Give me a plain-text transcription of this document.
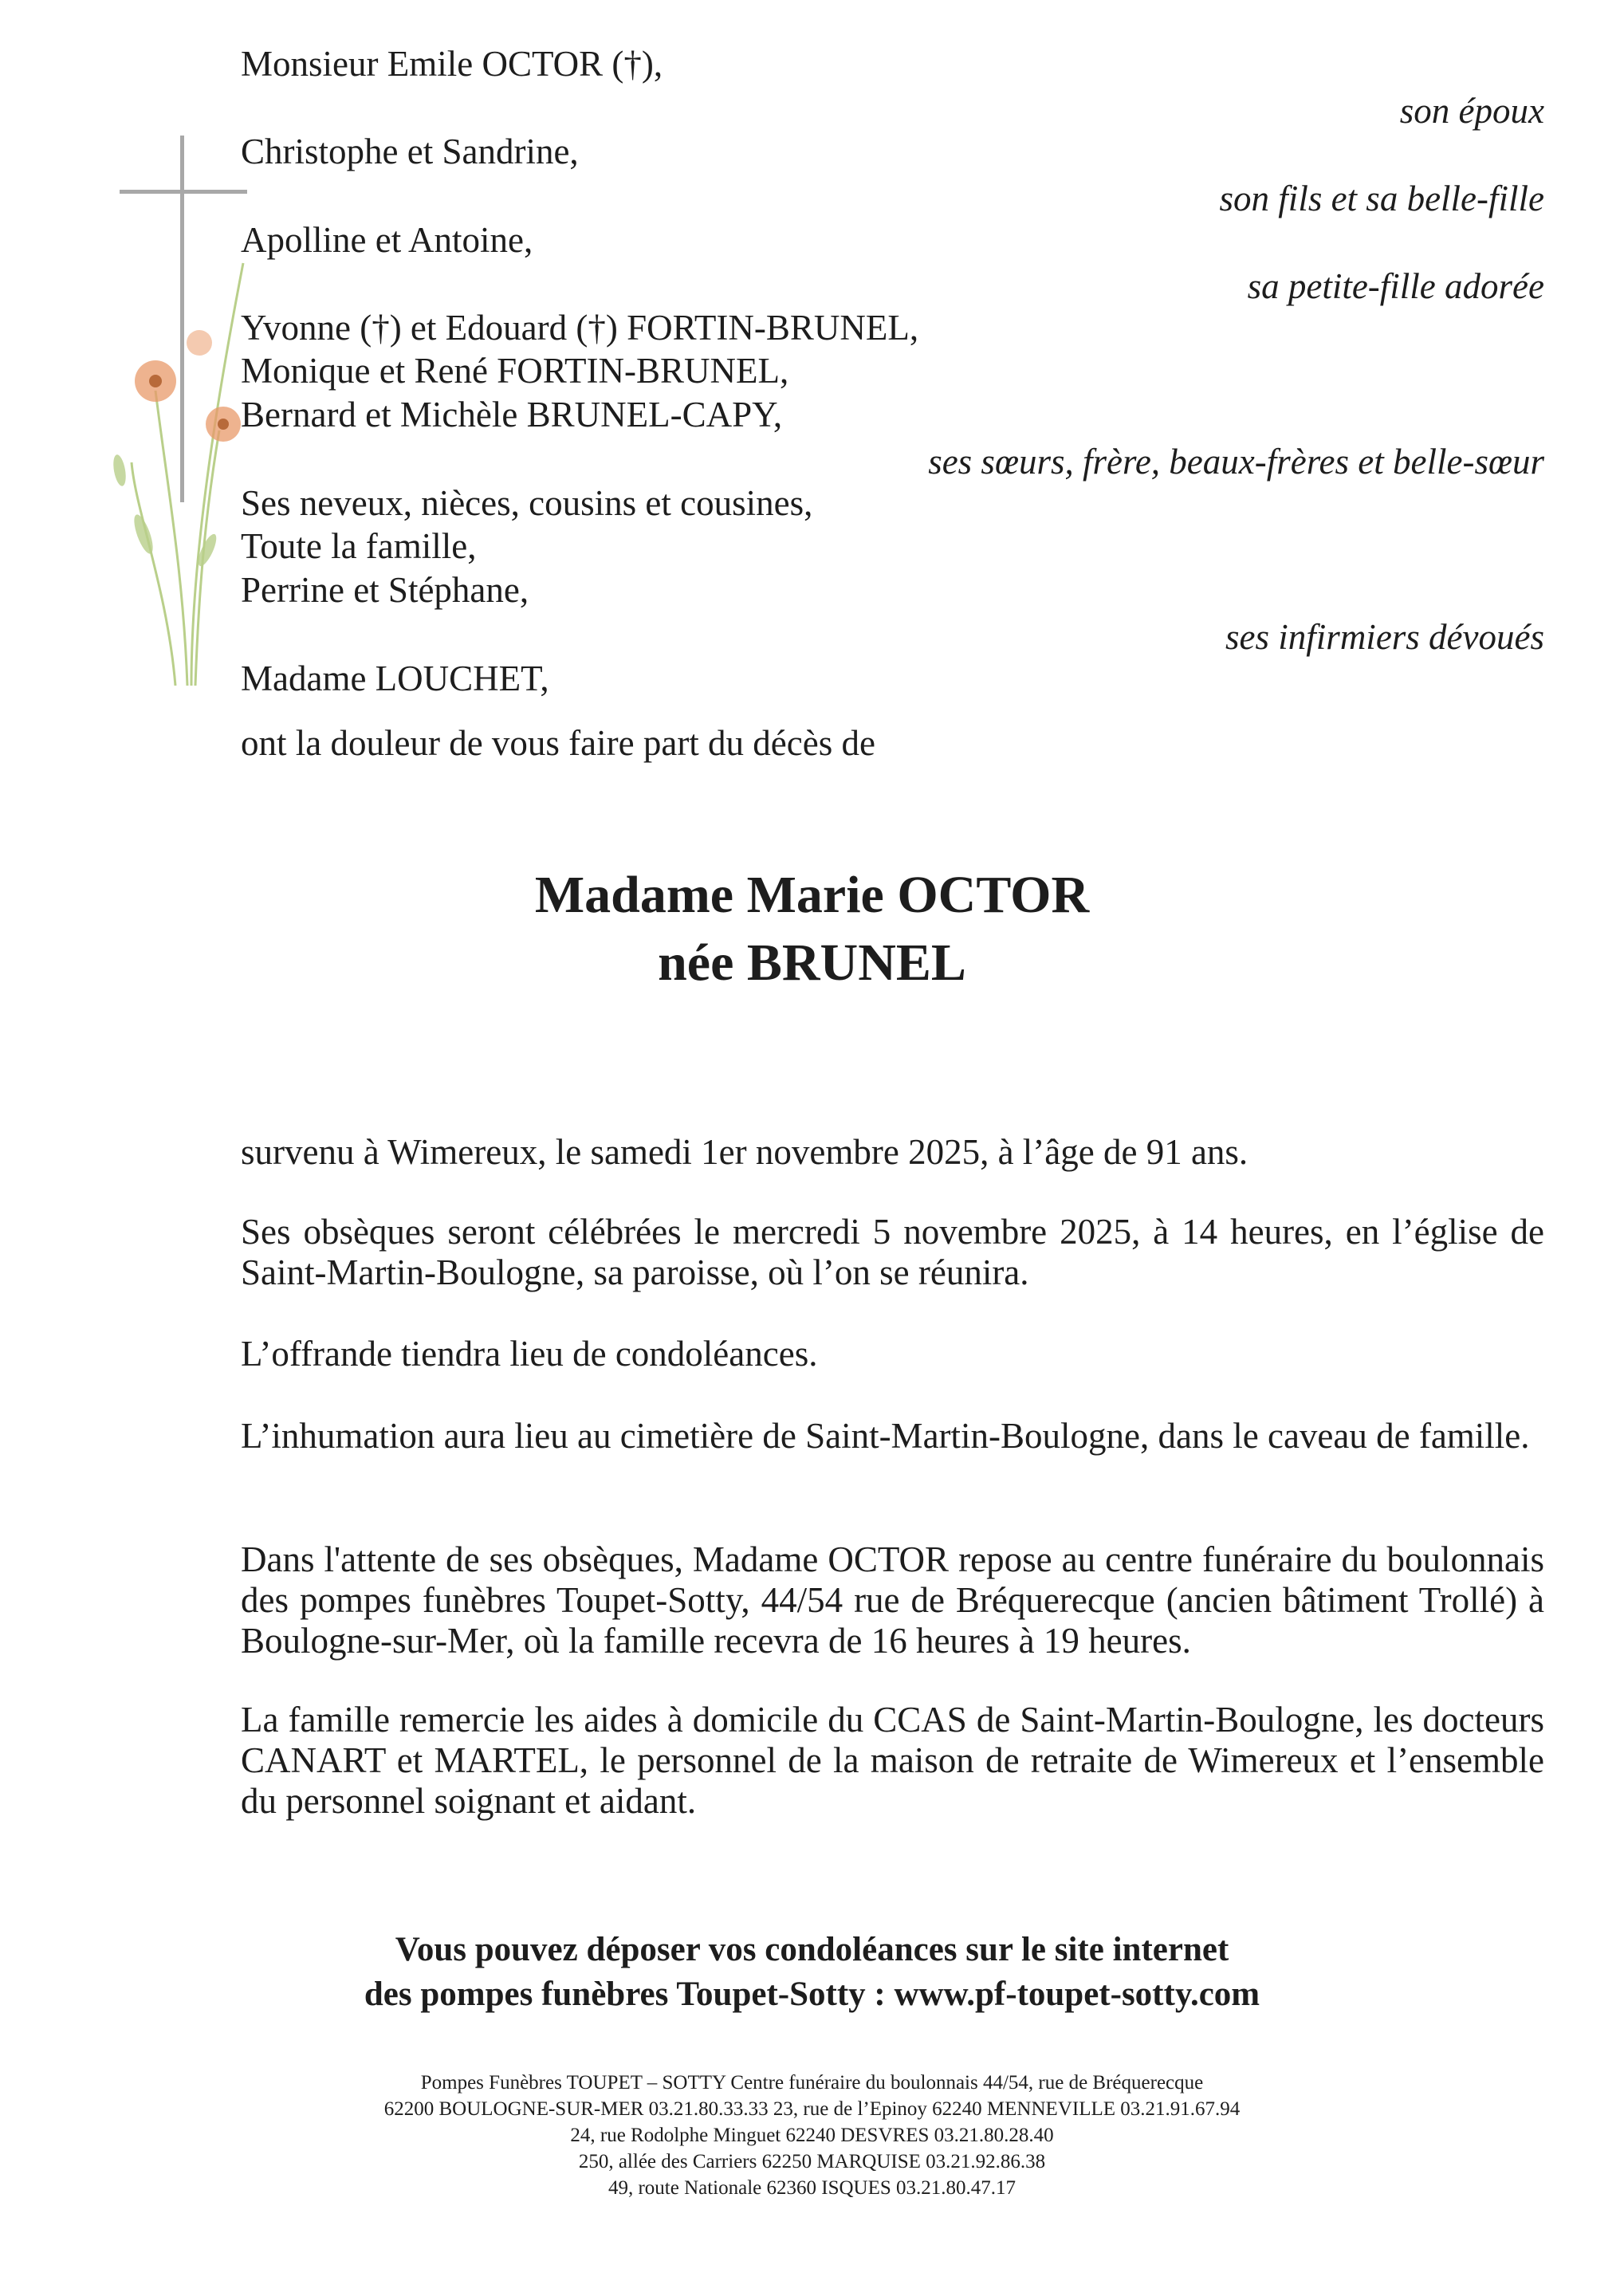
Monsieur Emile OCTOR (†),
son époux
Christophe et Sandrine,
son fils et sa belle-fille
Apolline et Antoine,
sa petite-fille adorée
Yvonne (†) et Edouard (†) FORTIN-BRUNEL,
Monique et René FORTIN-BRUNEL,
Bernard et Michèle BRUNEL-CAPY,
ses sœurs, frère, beaux-frères et belle-sœur
Ses neveux, nièces, cousins et cousines,
Toute la famille,
Perrine et Stéphane,
ses infirmiers dévoués
Madame LOUCHET,
ont la douleur de vous faire part du décès de
Madame Marie OCTOR
née BRUNEL
survenu à Wimereux, le samedi 1er novembre 2025, à l’âge de 91 ans.
Ses obsèques seront célébrées le mercredi 5 novembre 2025, à 14 heures, en l’église de Saint-Martin-Boulogne, sa paroisse, où l’on se réunira.
L’offrande tiendra lieu de condoléances.
L’inhumation aura lieu au cimetière de Saint-Martin-Boulogne, dans le caveau de famille.
Dans l'attente de ses obsèques, Madame OCTOR repose au centre funéraire du boulonnais des pompes funèbres Toupet-Sotty, 44/54 rue de Bréquerecque (ancien bâtiment Trollé) à Boulogne-sur-Mer, où la famille recevra de 16 heures à 19 heures.
La famille remercie les aides à domicile du CCAS de Saint-Martin-Boulogne, les docteurs CANART et MARTEL, le personnel de la maison de retraite de Wimereux et l’ensemble du personnel soignant et aidant.
Vous pouvez déposer vos condoléances sur le site internet
des pompes funèbres Toupet-Sotty : www.pf-toupet-sotty.com
Pompes Funèbres TOUPET – SOTTY Centre funéraire du boulonnais 44/54, rue de Bréquerecque
62200 BOULOGNE-SUR-MER 03.21.80.33.33 23, rue de l’Epinoy 62240 MENNEVILLE 03.21.91.67.94
24, rue Rodolphe Minguet 62240 DESVRES 03.21.80.28.40
250, allée des Carriers 62250 MARQUISE 03.21.92.86.38
49, route Nationale 62360 ISQUES 03.21.80.47.17
